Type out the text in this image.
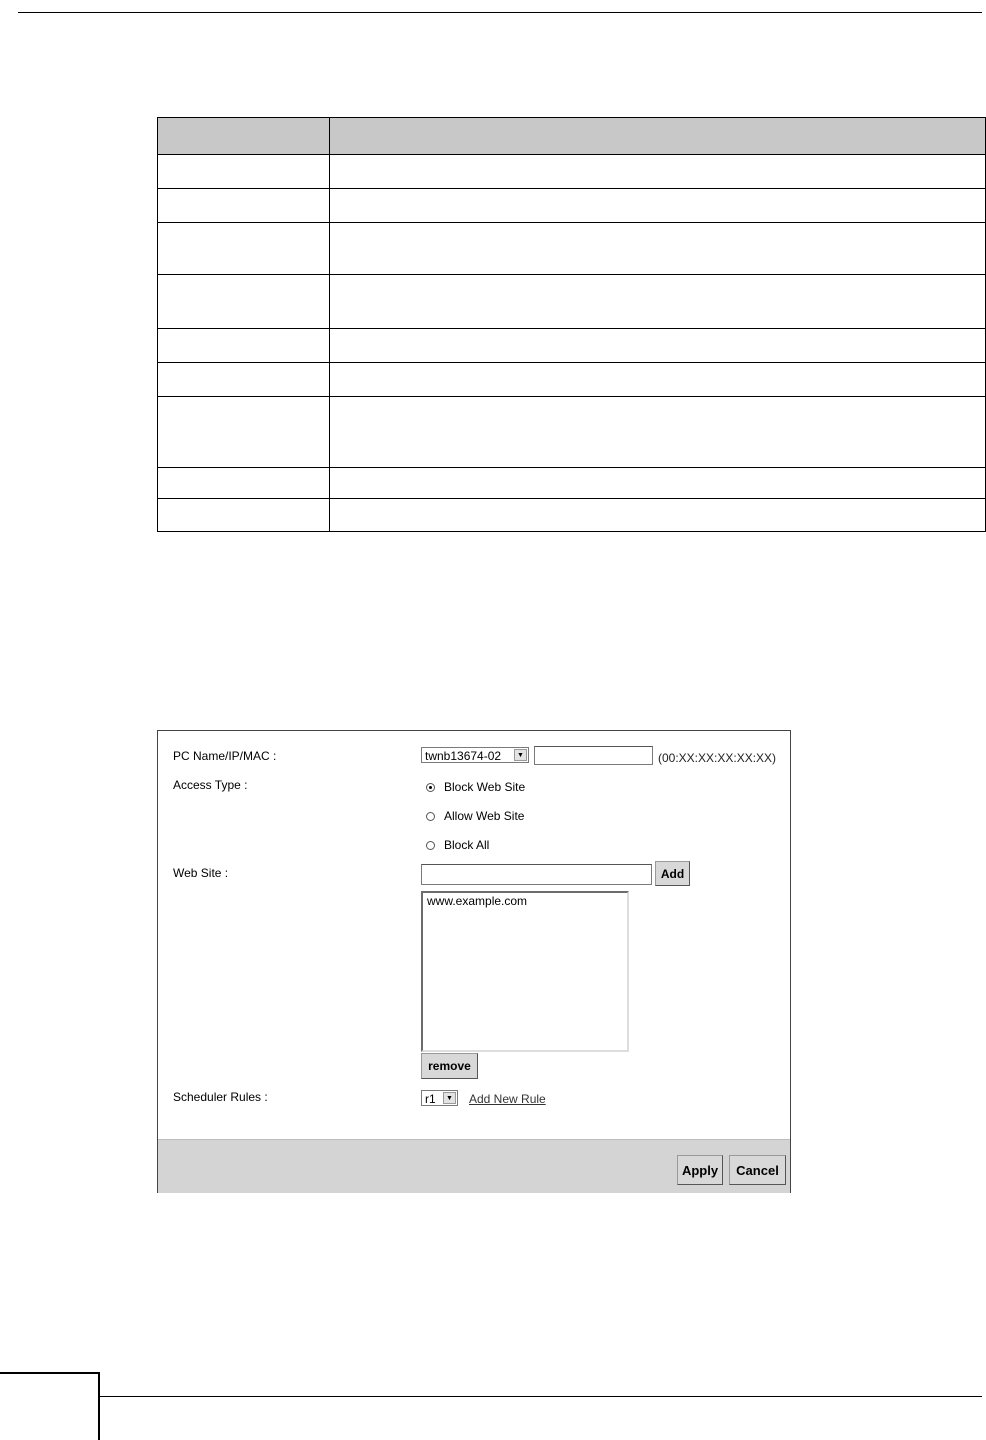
PC Name/IP/MAC :	twnb13674-02	▼	(00:XX:XX:XX:XX:XX)
Access Type :	Block Web Site
Allow Web Site
Block All
Web Site :	Add
www.example.com
remove
Scheduler Rules :	r1	▼ Add New Rule
Apply	Cancel
